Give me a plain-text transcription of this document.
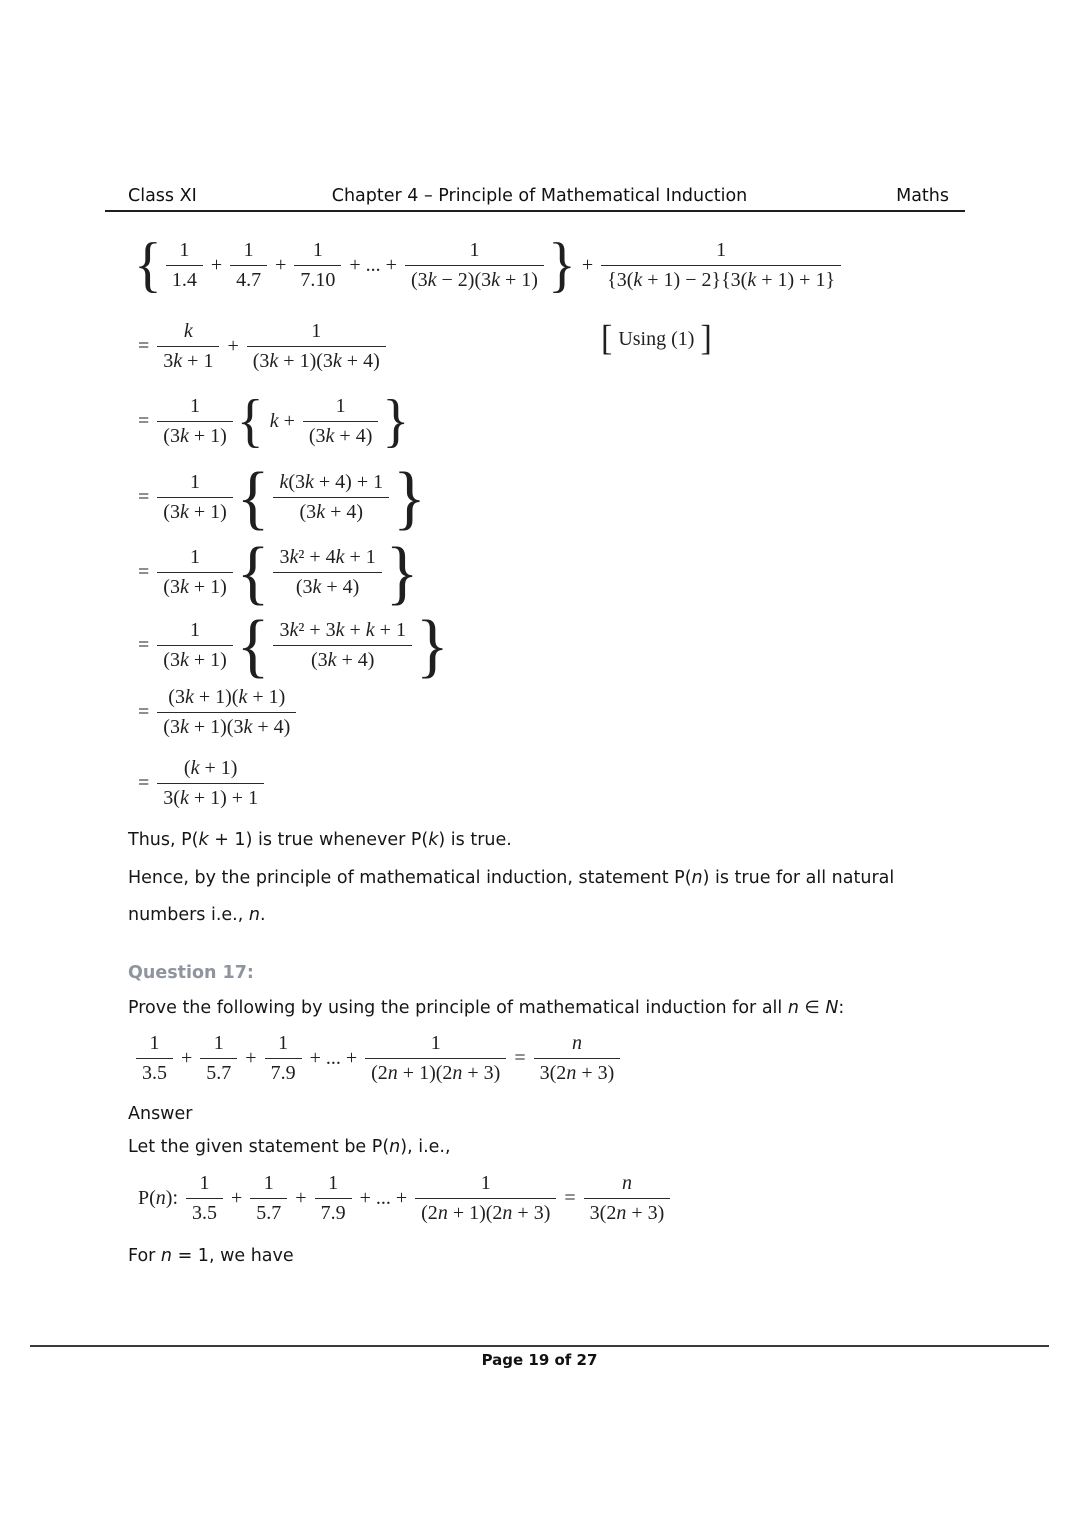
Class XI	Chapter 4 – Principle of Mathematical Induction	Maths
{ 1
1.4
+ $\frac{1}{4.7} + \frac{1}{7.10}$ + ... + $\frac{1}{(3k - 2)(3k + 1)}$ } + $\frac{1}{\{3(k + 1) - 2\}\{3(k + 1) + 1\}}$
= $\frac{k}{3k + 1} + \frac{1}{(3k + 1)(3k + 4)}$	[ Using (1) ]
= $\frac{1}{(3k + 1)}$ { $k + \frac{1}{(3k + 4)}$ }
= $\frac{1}{(3k + 1)}$ { k(3k + 4) + 1
(3k + 4) }
= $\frac{1}{(3k + 1)}$ { 3k² + 4k + 1
(3k + 4) }
= $\frac{1}{(3k + 1)}$ { 3k² + 3k + k + 1
(3k + 4) }
= $\frac{(3k + 1)(k + 1)}{(3k + 1)(3k + 4)}$
= $\frac{(k + 1)}{3(k + 1) + 1}$
Thus, P(k + 1) is true whenever P(k) is true.
Hence, by the principle of mathematical induction, statement P(n) is true for all natural numbers i.e., n.
Question 17:
Prove the following by using the principle of mathematical induction for all n ∈ N:
1
3.5
+ $\frac{1}{5.7} + \frac{1}{7.9}$ + ... + $\frac{1}{(2n + 1)(2n + 3)} = \frac{n}{3(2n + 3)}$
Answer
Let the given statement be P(n), i.e.,
P(n):
1
3.5
+ $\frac{1}{5.7} + \frac{1}{7.9}$ + ... + $\frac{1}{(2n + 1)(2n + 3)} = \frac{n}{3(2n + 3)}$
For n = 1, we have
Page 19 of 27
